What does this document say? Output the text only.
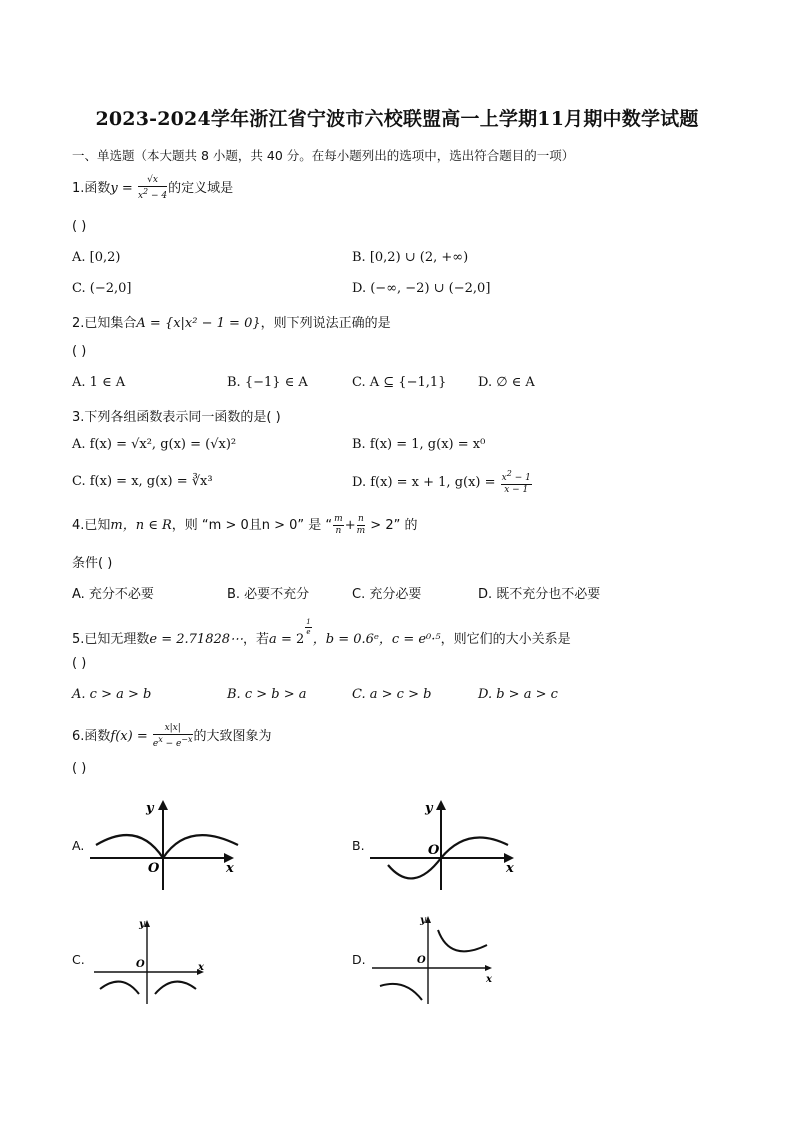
2023-2024学年浙江省宁波市六校联盟高一上学期11月期中数学试题
一、单选题（本大题共 8 小题，共 40 分。在每小题列出的选项中，选出符合题目的一项）
1.函数$y = \frac{√x}{x2 - 4}$ 的定义域是
( )
A. [0,2)	B. [0,2) ∪ (2, +∞)
C. (−2,0]	D. (−∞, −2) ∪ (−2,0]
2.已知集合A = {x|x² − 1 = 0}，则下列说法正确的是
( )
A. 1 ∈ A	B. {−1} ∈ A	C. A ⊆ {−1,1} D. ∅ ∈ A
3.下列各组函数表示同一函数的是( )
A. f(x) = √x², g(x) = (√x)²	B. f(x) = 1, g(x) = x⁰
C. f(x) = x, g(x) = ∛x³	D. f(x) = x + 1, $g(x) = \frac{x2 - 1}{x - 1}$
4.已知m，n ∈ R，则 “m > 0且n > 0” 是 “ $\frac{m}{n} + \frac{n}{m} > 2$” 的
条件( )
A. 充分不必要	B. 必要不充分	C. 充分必要	D. 既不充分也不必要
5.已知无理数e = 2.71828⋯，若a = 2
$\frac{1}{e}$
，b = 0.6ᵉ，c = e⁰·⁵，则它们的大小关系是
( )
A. c > a > b	B. c > b > a	C. a > c > b	D. b > a > c
6.函数$f(x) = \frac{x|x|}{ex - e-x}$ 的大致图象为
( )
A.
y
O	x
B.
y
O
x
C.
y
O	x
D.
y
O
x
